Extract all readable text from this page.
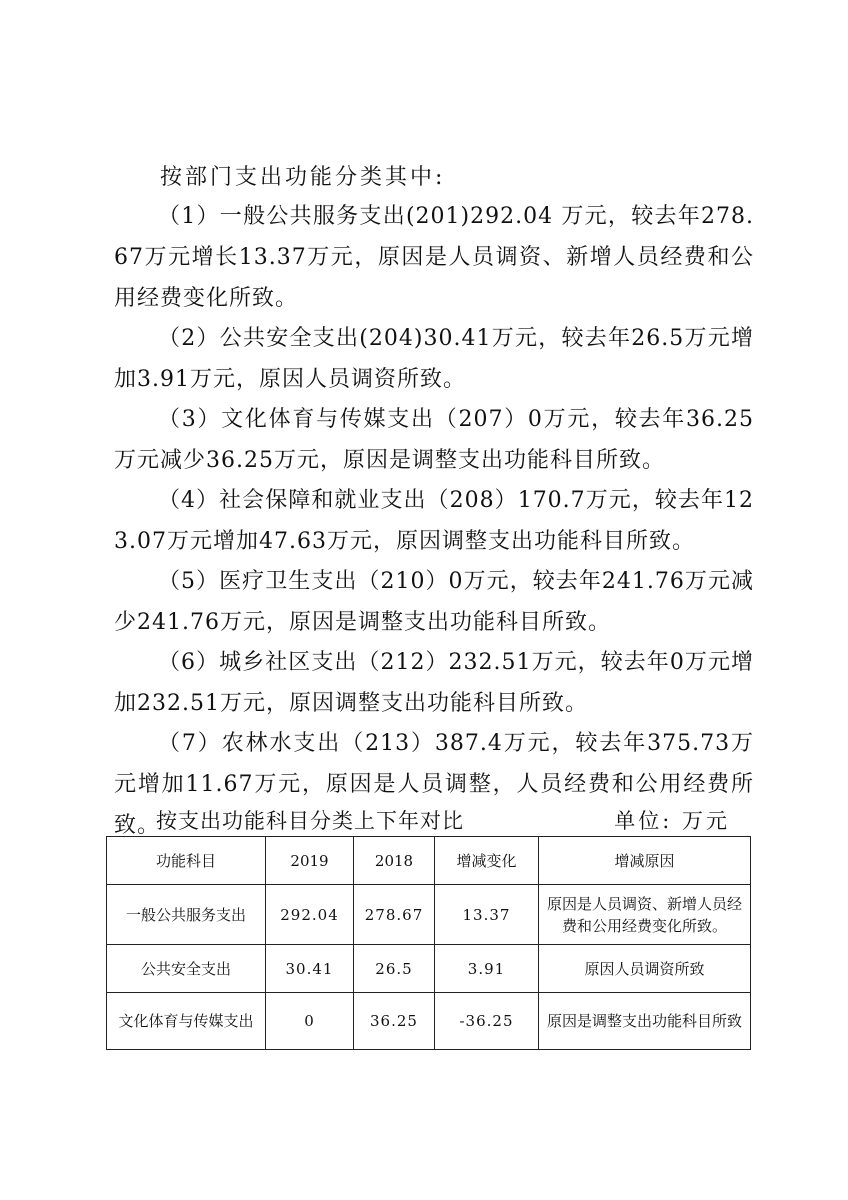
按部门支出功能分类其中:

（1）一般公共服务支出(201)292.04 万元，较去年278.67万元增长13.37万元，原因是人员调资、新增人员经费和公用经费变化所致。

（2）公共安全支出(204)30.41万元，较去年26.5万元增加3.91万元，原因人员调资所致。

（3）文化体育与传媒支出（207）0万元，较去年36.25万元减少36.25万元，原因是调整支出功能科目所致。

（4）社会保障和就业支出（208）170.7万元，较去年123.07万元增加47.63万元，原因调整支出功能科目所致。

（5）医疗卫生支出（210）0万元，较去年241.76万元减少241.76万元，原因是调整支出功能科目所致。

（6）城乡社区支出（212）232.51万元，较去年0万元增加232.51万元，原因调整支出功能科目所致。

（7）农林水支出（213）387.4万元，较去年375.73万元增加11.67万元，原因是人员调整，人员经费和公用经费所致。

按支出功能科目分类上下年对比	单位: 万元
功能科目	2019	2018	增减变化	增减原因
一般公共服务支出	292.04	278.67	13.37	原因是人员调资、新增人员经费和公用经费变化所致。
公共安全支出	30.41	26.5	3.91	原因人员调资所致
文化体育与传媒支出	0	36.25	-36.25	原因是调整支出功能科目所致
